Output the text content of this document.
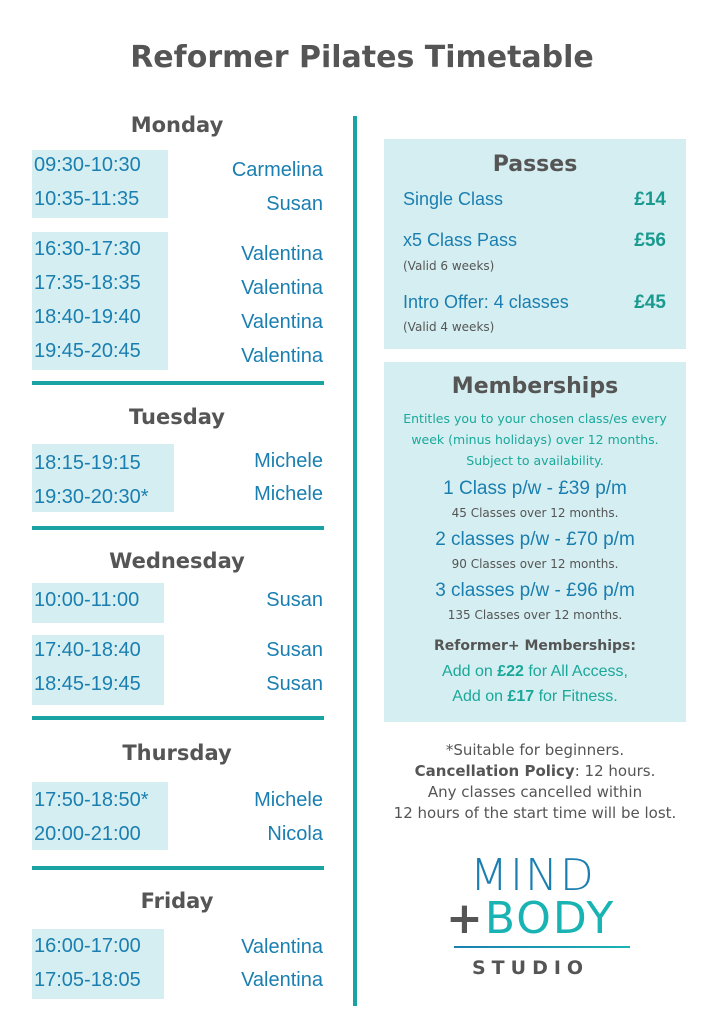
Reformer Pilates Timetable
Monday
09:30-10:30	Carmelina
10:35-11:35	Susan
16:30-17:30	Valentina
17:35-18:35	Valentina
18:40-19:40	Valentina
19:45-20:45	Valentina
Tuesday
18:15-19:15	Michele
19:30-20:30*	Michele
Wednesday
10:00-11:00	Susan
17:40-18:40	Susan
18:45-19:45	Susan
Thursday
17:50-18:50*	Michele
20:00-21:00	Nicola
Friday
16:00-17:00	Valentina
17:05-18:05	Valentina
Passes
Single Class	£14
x5 Class Pass	£56
(Valid 6 weeks)
Intro Offer: 4 classes	£45
(Valid 4 weeks)
Memberships
Entitles you to your chosen class/es every
week (minus holidays) over 12 months.
Subject to availability.
1 Class p/w - £39 p/m
45 Classes over 12 months.
2 classes p/w - £70 p/m
90 Classes over 12 months.
3 classes p/w - £96 p/m
135 Classes over 12 months.
Reformer+ Memberships:
Add on £22 for All Access,
Add on £17 for Fitness.
*Suitable for beginners.
Cancellation Policy: 12 hours.
Any classes cancelled within
12 hours of the start time will be lost.
MIND
+BODY
STUDIO
